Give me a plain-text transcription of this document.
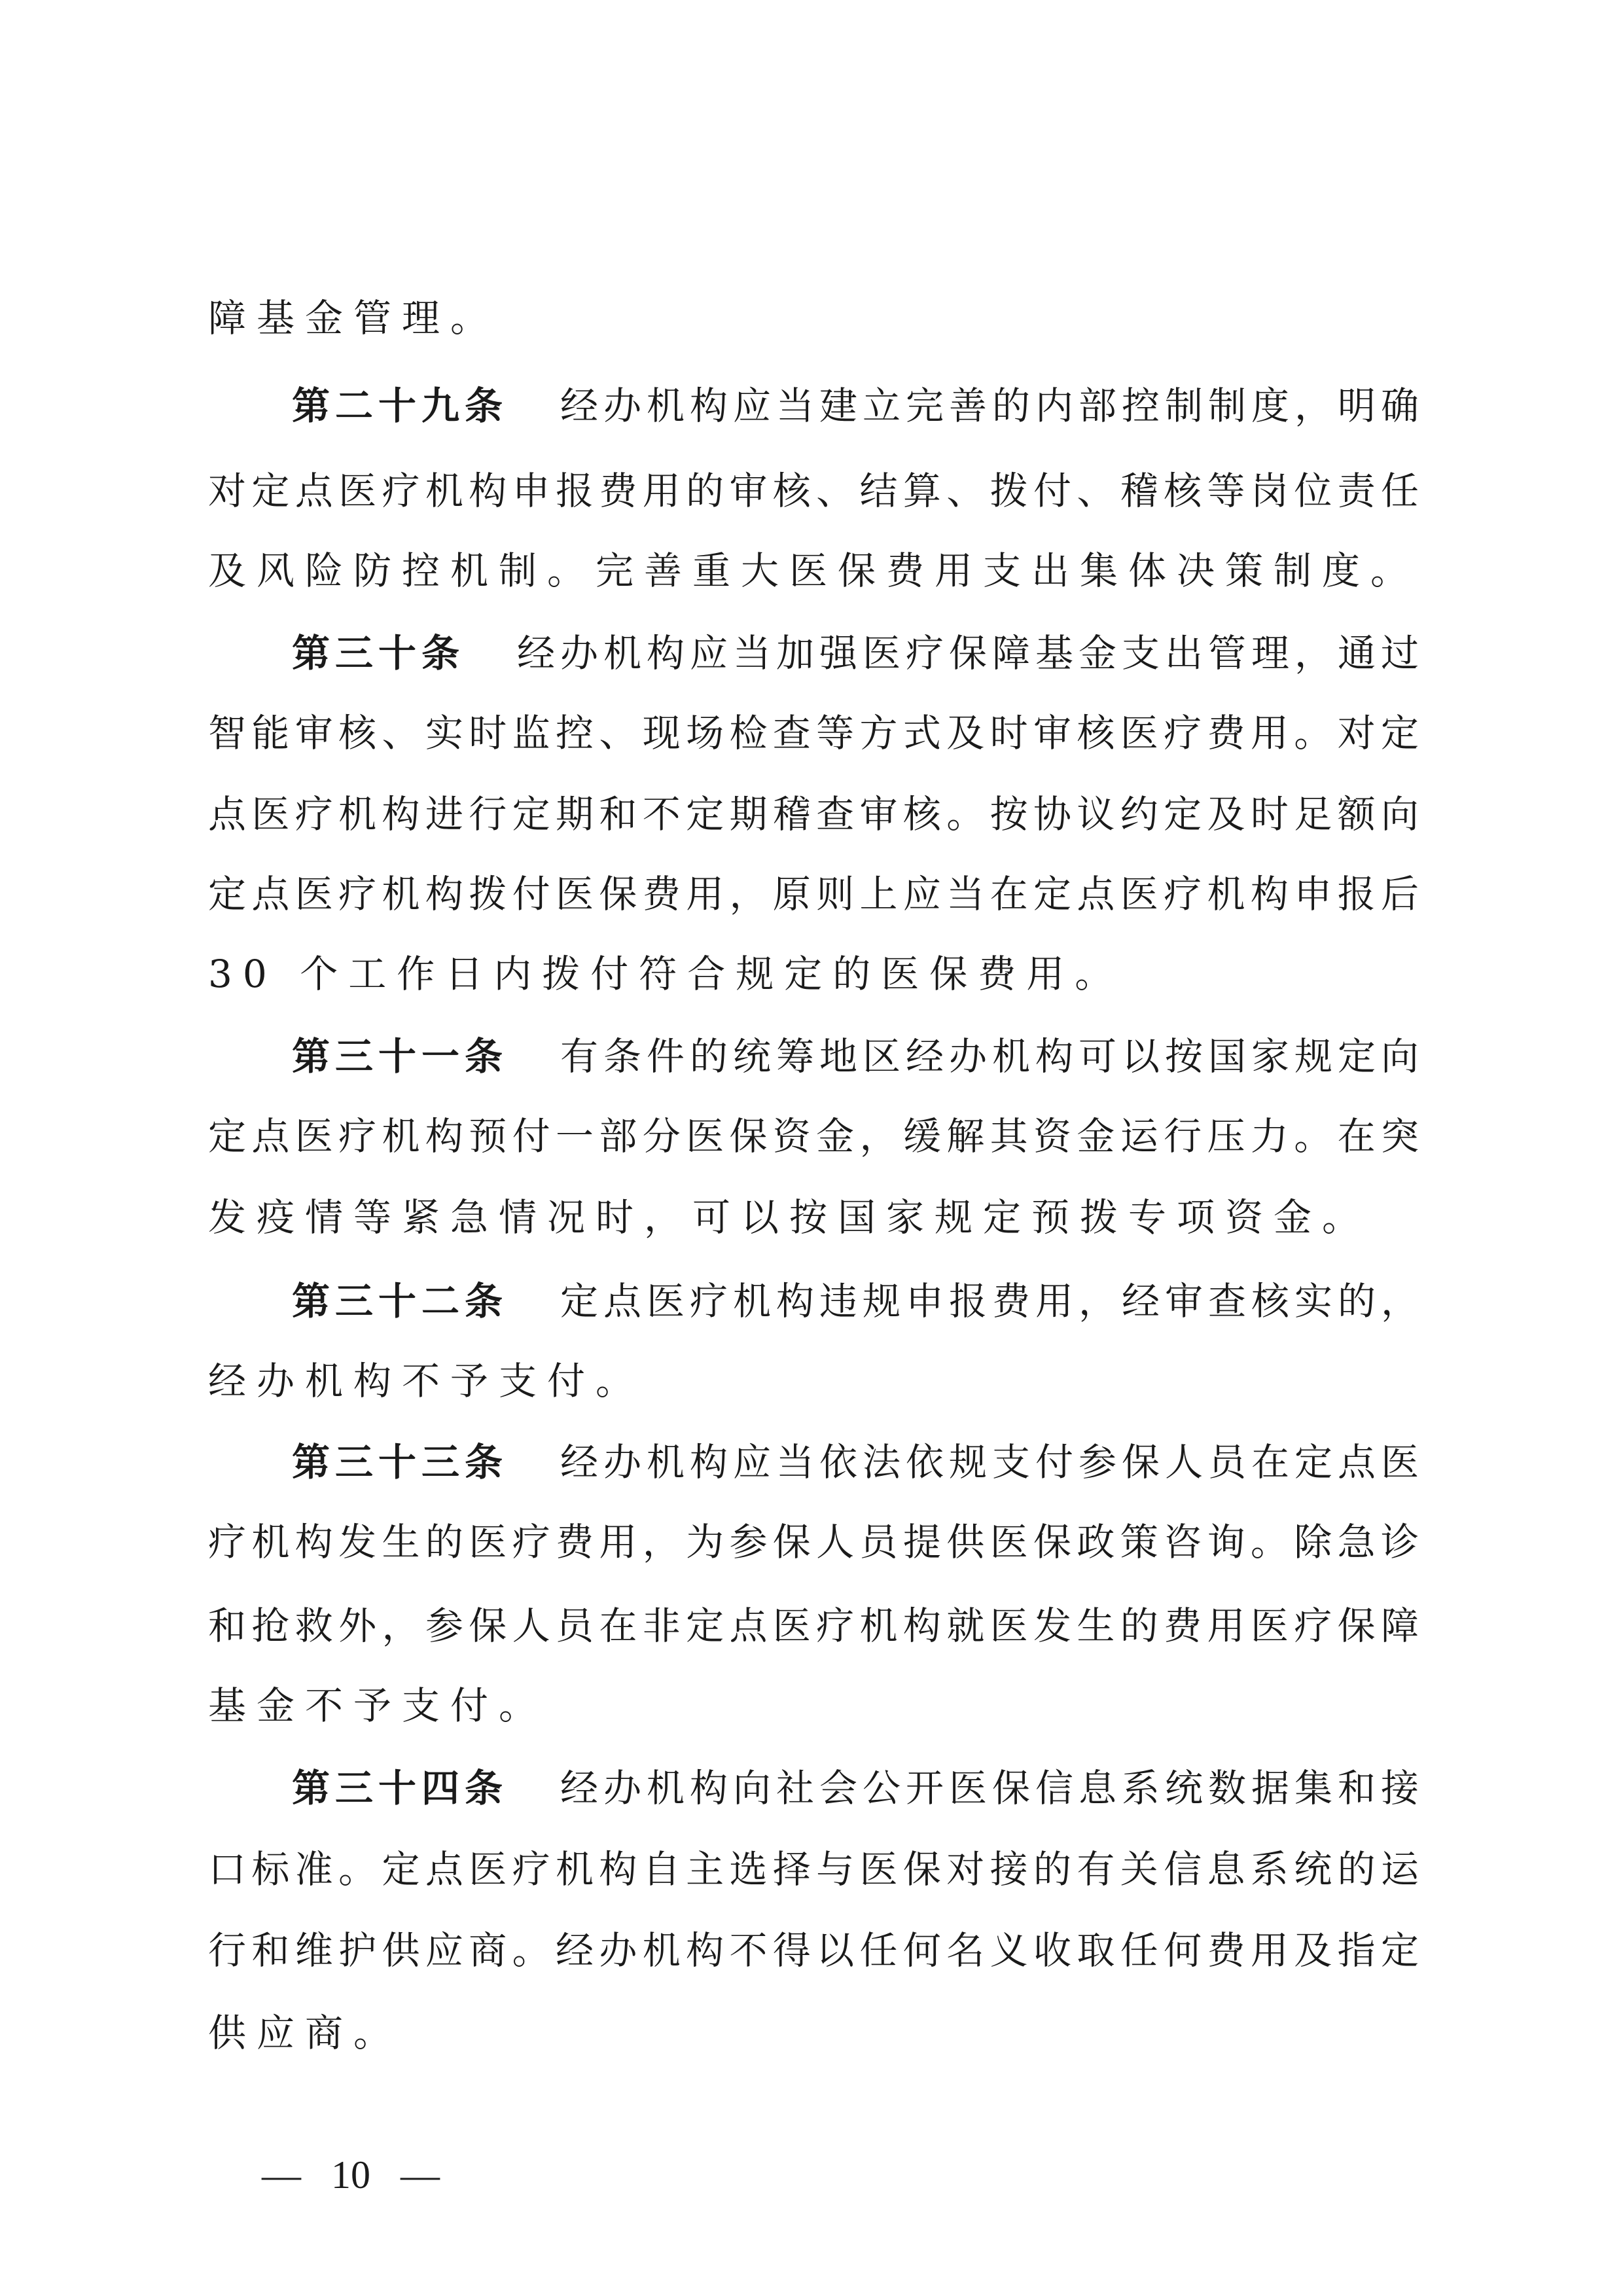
障基金管理。
第二十九条 经办机构应当建立完善的内部控制制度，明确
对定点医疗机构申报费用的审核、结算、拨付、稽核等岗位责任
及风险防控机制。完善重大医保费用支出集体决策制度。
第三十条 经办机构应当加强医疗保障基金支出管理，通过
智能审核、实时监控、现场检查等方式及时审核医疗费用。对定
点医疗机构进行定期和不定期稽查审核。按协议约定及时足额向
定点医疗机构拨付医保费用，原则上应当在定点医疗机构申报后
30 个工作日内拨付符合规定的医保费用。
第三十一条 有条件的统筹地区经办机构可以按国家规定向
定点医疗机构预付一部分医保资金，缓解其资金运行压力。在突
发疫情等紧急情况时，可以按国家规定预拨专项资金。
第三十二条 定点医疗机构违规申报费用，经审查核实的，
经办机构不予支付。
第三十三条 经办机构应当依法依规支付参保人员在定点医
疗机构发生的医疗费用，为参保人员提供医保政策咨询。除急诊
和抢救外，参保人员在非定点医疗机构就医发生的费用医疗保障
基金不予支付。
第三十四条 经办机构向社会公开医保信息系统数据集和接
口标准。定点医疗机构自主选择与医保对接的有关信息系统的运
行和维护供应商。经办机构不得以任何名义收取任何费用及指定
供应商。
— 10 —
